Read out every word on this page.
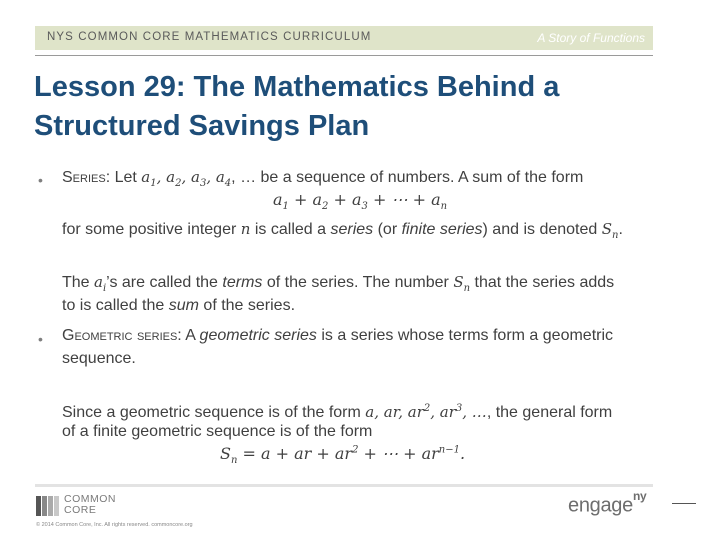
NYS COMMON CORE MATHEMATICS CURRICULUM	A Story of Functions
Lesson 29: The Mathematics Behind a
Structured Savings Plan
• Series: Let $a_1$, $a_2$, $a_3$, $a_4$, … be a sequence of numbers. A sum of the form
$a_1 + a_2 + a_3$ + ⋯ + $a_n$
for some positive integer n is called a series (or finite series) and is denoted $S_n$.
The $a_i’s$ are called the terms of the series. The number $S_n$ that the series adds
to is called the sum of the series.
• Geometric series: A geometric series is a series whose terms form a geometric
sequence.
Since a geometric sequence is of the form a, ar, $ar^2$, $ar^3$, …, the general form
of a finite geometric sequence is of the form
$S_n = a$ + ar + $ar^2$ + ⋯ + $ar^{n-1}$.
COMMON
CORE
© 2014 Common Core, Inc. All rights reserved. commoncore.org
engage$^{ny}$
